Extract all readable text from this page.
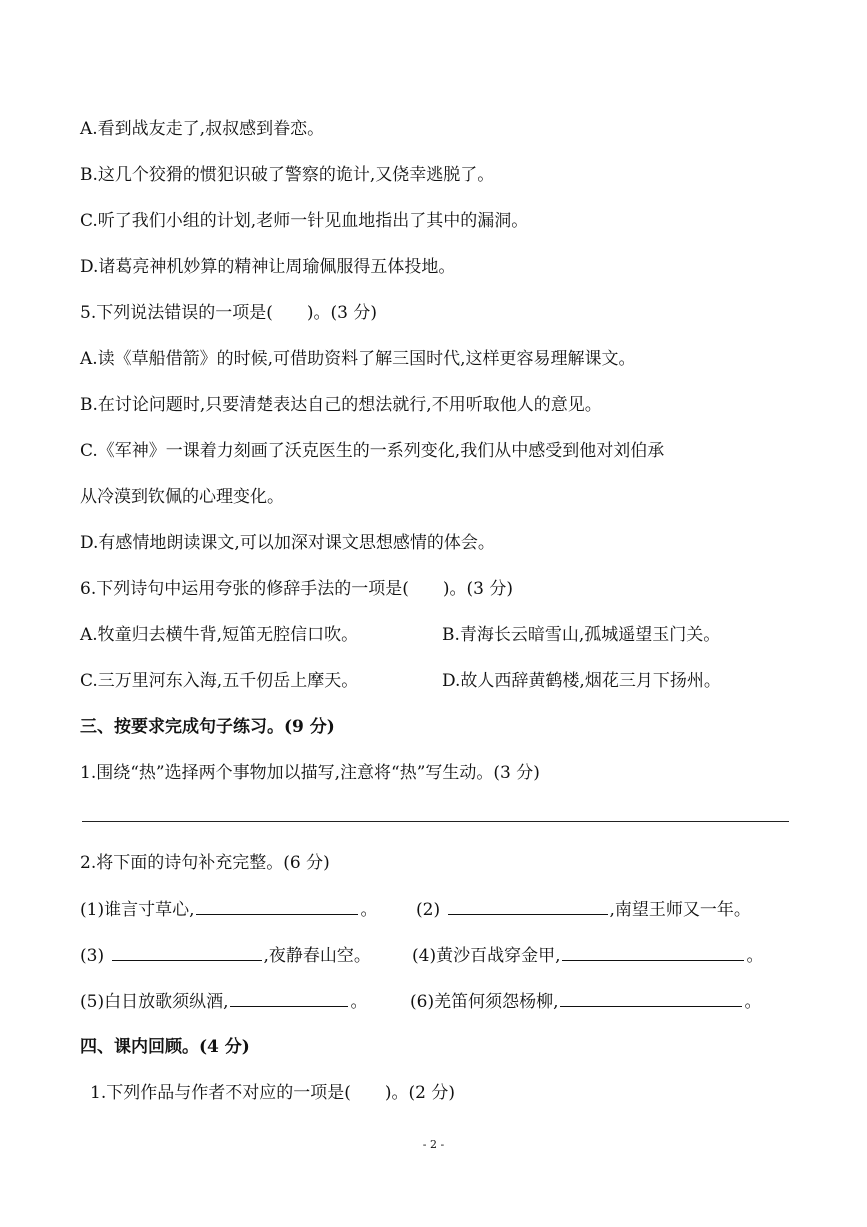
A.看到战友走了,叔叔感到眷恋。
B.这几个狡猾的惯犯识破了警察的诡计,又侥幸逃脱了。
C.听了我们小组的计划,老师一针见血地指出了其中的漏洞。
D.诸葛亮神机妙算的精神让周瑜佩服得五体投地。
5.下列说法错误的一项是(　　)。(3 分)
A.读《草船借箭》的时候,可借助资料了解三国时代,这样更容易理解课文。
B.在讨论问题时,只要清楚表达自己的想法就行,不用听取他人的意见。
C.《军神》一课着力刻画了沃克医生的一系列变化,我们从中感受到他对刘伯承
从冷漠到钦佩的心理变化。
D.有感情地朗读课文,可以加深对课文思想感情的体会。
6.下列诗句中运用夸张的修辞手法的一项是(　　)。(3 分)
A.牧童归去横牛背,短笛无腔信口吹。	B.青海长云暗雪山,孤城遥望玉门关。
C.三万里河东入海,五千仞岳上摩天。	D.故人西辞黄鹤楼,烟花三月下扬州。
三、按要求完成句子练习。(9 分)
1.围绕“热”选择两个事物加以描写,注意将“热”写生动。(3 分)
2.将下面的诗句补充完整。(6 分)
(1)谁言寸草心,	。 (2)	,南望王师又一年。
(3)	,夜静春山空。 (4)黄沙百战穿金甲,	。
(5)白日放歌须纵酒,	。	(6)羌笛何须怨杨柳,	。
四、课内回顾。(4 分)
1.下列作品与作者不对应的一项是(　　)。(2 分)
- 2 -
